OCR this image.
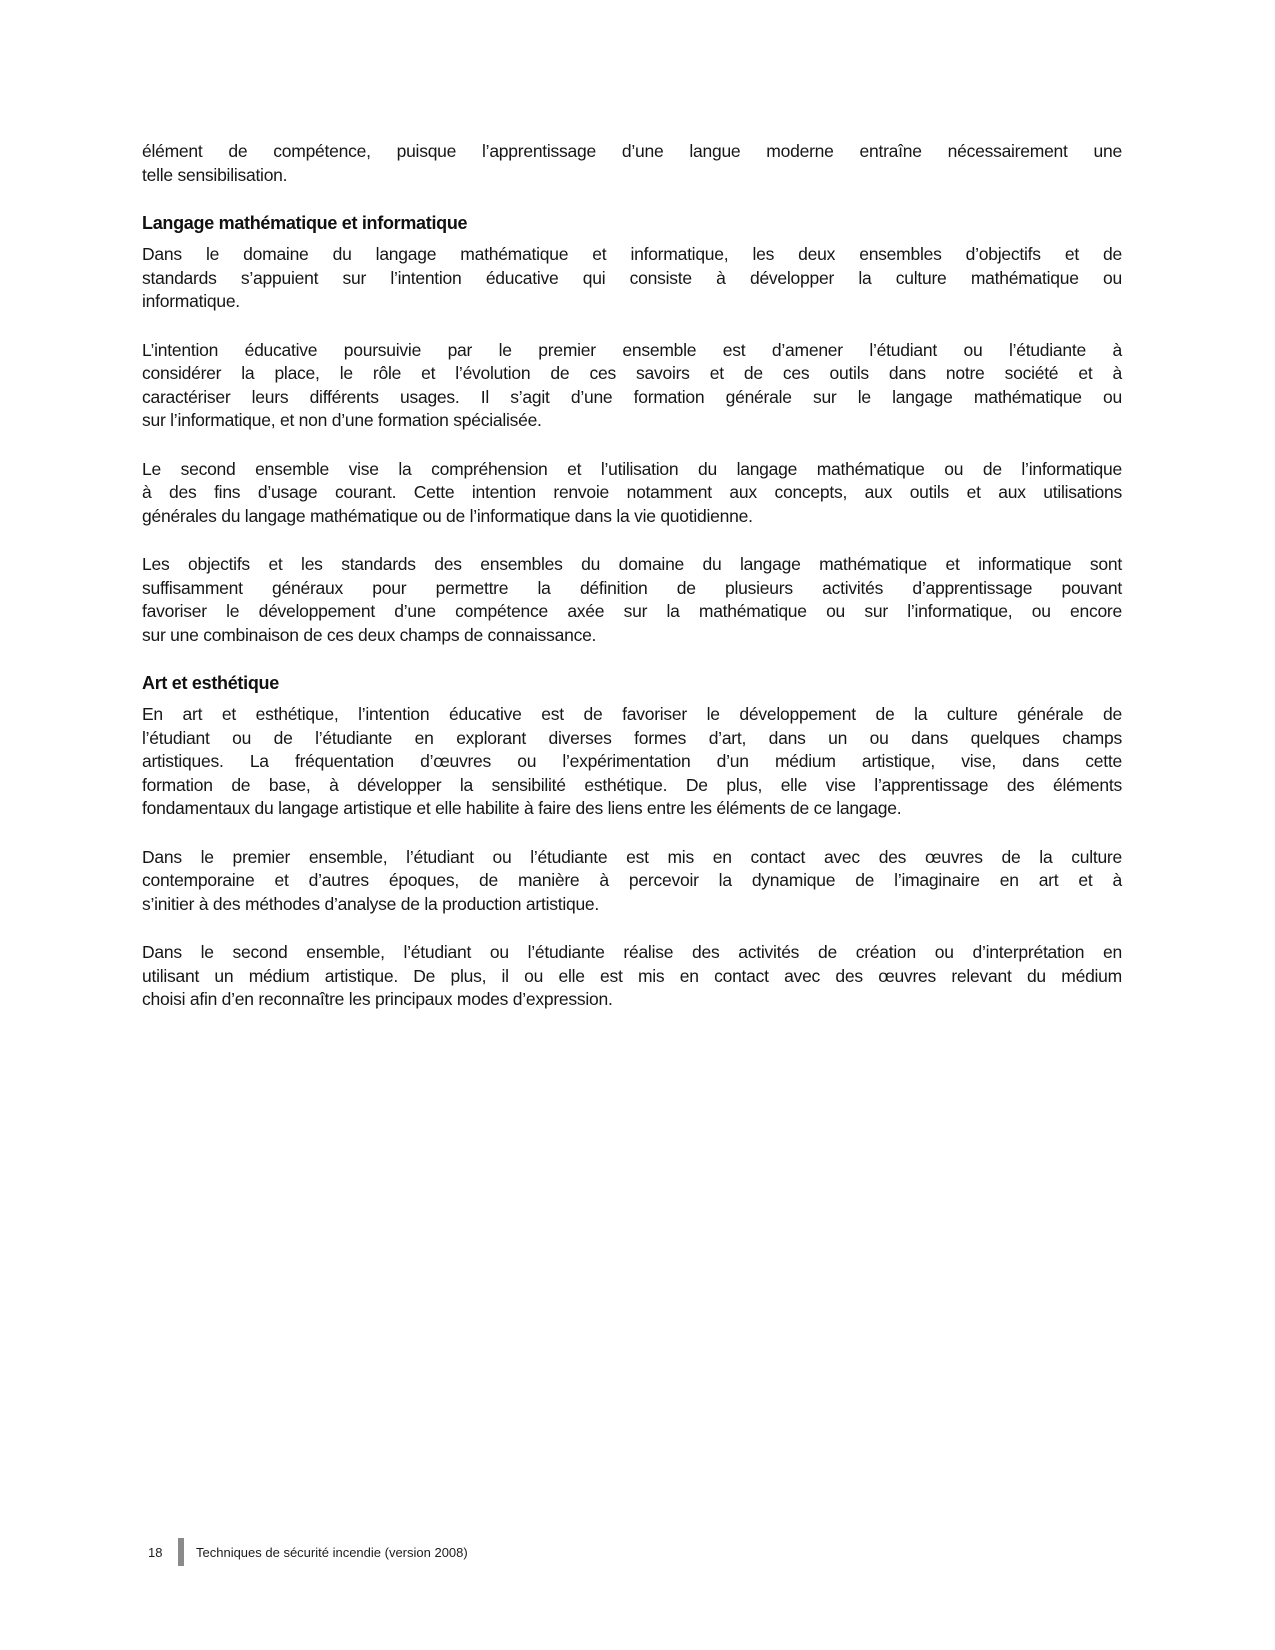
élément de compétence, puisque l’apprentissage d’une langue moderne entraîne nécessairement une
telle sensibilisation.
Langage mathématique et informatique
Dans le domaine du langage mathématique et informatique, les deux ensembles d’objectifs et de
standards s’appuient sur l’intention éducative qui consiste à développer la culture mathématique ou
informatique.
L’intention éducative poursuivie par le premier ensemble est d’amener l’étudiant ou l’étudiante à
considérer la place, le rôle et l’évolution de ces savoirs et de ces outils dans notre société et à
caractériser leurs différents usages. Il s’agit d’une formation générale sur le langage mathématique ou
sur l’informatique, et non d’une formation spécialisée.
Le second ensemble vise la compréhension et l’utilisation du langage mathématique ou de l’informatique
à des fins d’usage courant. Cette intention renvoie notamment aux concepts, aux outils et aux utilisations
générales du langage mathématique ou de l’informatique dans la vie quotidienne.
Les objectifs et les standards des ensembles du domaine du langage mathématique et informatique sont
suffisamment généraux pour permettre la définition de plusieurs activités d’apprentissage pouvant
favoriser le développement d’une compétence axée sur la mathématique ou sur l’informatique, ou encore
sur une combinaison de ces deux champs de connaissance.
Art et esthétique
En art et esthétique, l’intention éducative est de favoriser le développement de la culture générale de
l’étudiant ou de l’étudiante en explorant diverses formes d’art, dans un ou dans quelques champs
artistiques. La fréquentation d’œuvres ou l’expérimentation d’un médium artistique, vise, dans cette
formation de base, à développer la sensibilité esthétique. De plus, elle vise l’apprentissage des éléments
fondamentaux du langage artistique et elle habilite à faire des liens entre les éléments de ce langage.
Dans le premier ensemble, l’étudiant ou l’étudiante est mis en contact avec des œuvres de la culture
contemporaine et d’autres époques, de manière à percevoir la dynamique de l’imaginaire en art et à
s’initier à des méthodes d’analyse de la production artistique.
Dans le second ensemble, l’étudiant ou l’étudiante réalise des activités de création ou d’interprétation en
utilisant un médium artistique. De plus, il ou elle est mis en contact avec des œuvres relevant du médium
choisi afin d’en reconnaître les principaux modes d’expression.
18	Techniques de sécurité incendie (version 2008)
